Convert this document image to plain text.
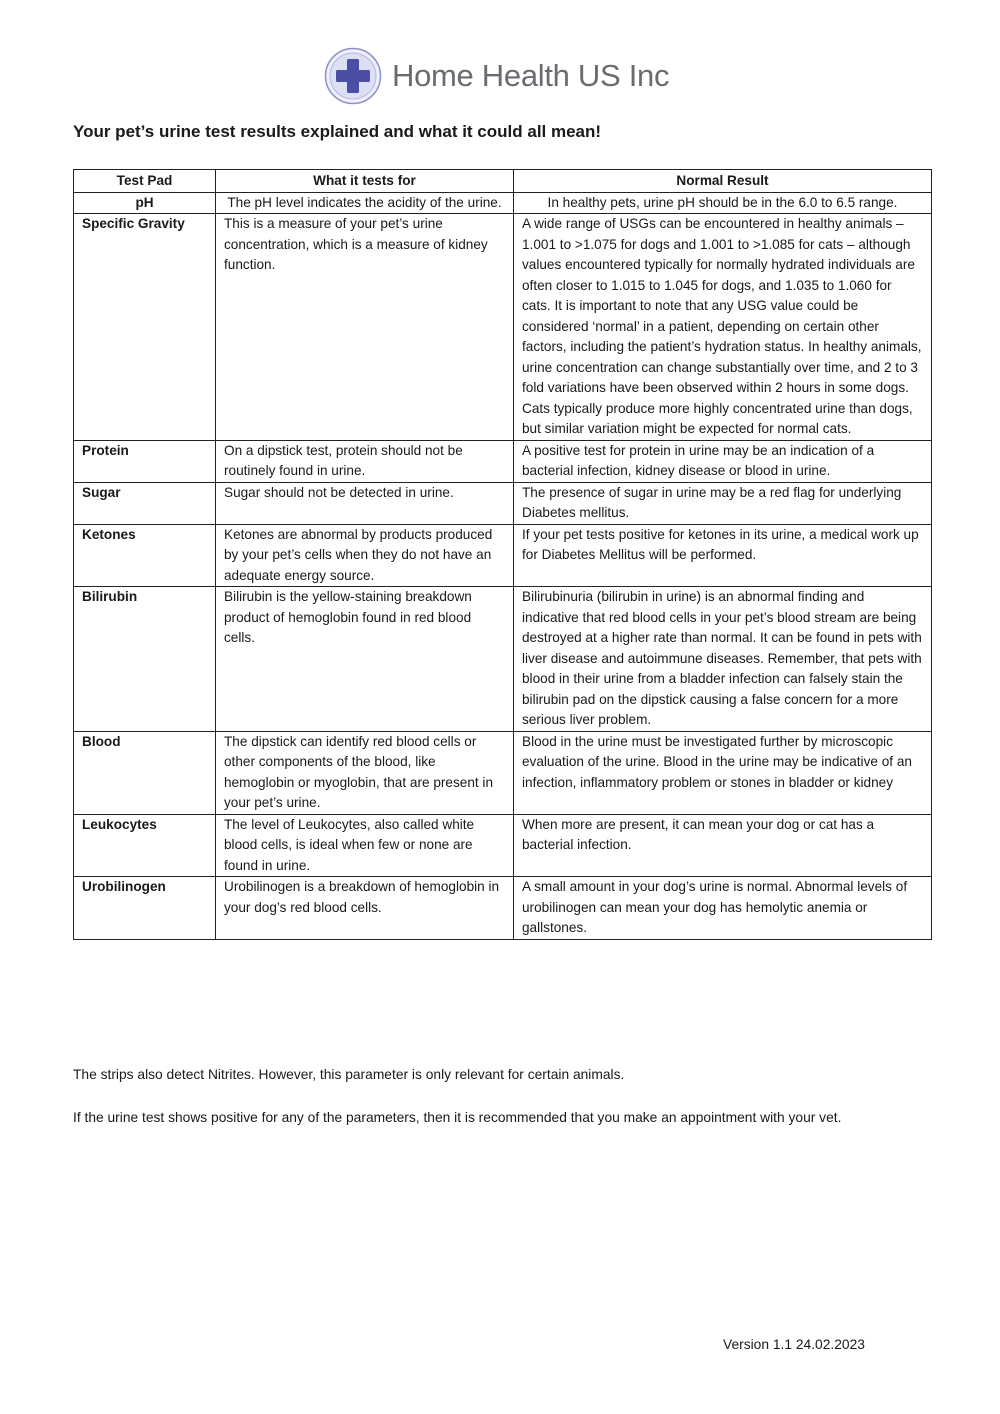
Home Health US Inc
Your pet’s urine test results explained and what it could all mean!
Test Pad	What it tests for	Normal Result
pH	The pH level indicates the acidity of the urine.	In healthy pets, urine pH should be in the 6.0 to 6.5 range.
Specific Gravity	This is a measure of your pet’s urine concentration, which is a measure of kidney function.	A wide range of USGs can be encountered in healthy animals – 1.001 to >1.075 for dogs and 1.001 to >1.085 for cats – although values encountered typically for normally hydrated individuals are often closer to 1.015 to 1.045 for dogs, and 1.035 to 1.060 for cats. It is important to note that any USG value could be considered ‘normal’ in a patient, depending on certain other factors, including the patient’s hydration status. In healthy animals, urine concentration can change substantially over time, and 2 to 3 fold variations have been observed within 2 hours in some dogs. Cats typically produce more highly concentrated urine than dogs, but similar variation might be expected for normal cats.
Protein	On a dipstick test, protein should not be routinely found in urine.	A positive test for protein in urine may be an indication of a bacterial infection, kidney disease or blood in urine.
Sugar	Sugar should not be detected in urine.	The presence of sugar in urine may be a red flag for underlying Diabetes mellitus.
Ketones	Ketones are abnormal by products produced by your pet’s cells when they do not have an adequate energy source.	If your pet tests positive for ketones in its urine, a medical work up for Diabetes Mellitus will be performed.
Bilirubin	Bilirubin is the yellow-staining breakdown product of hemoglobin found in red blood cells.	Bilirubinuria (bilirubin in urine) is an abnormal finding and indicative that red blood cells in your pet’s blood stream are being destroyed at a higher rate than normal. It can be found in pets with liver disease and autoimmune diseases. Remember, that pets with blood in their urine from a bladder infection can falsely stain the bilirubin pad on the dipstick causing a false concern for a more serious liver problem.
Blood	The dipstick can identify red blood cells or other components of the blood, like hemoglobin or myoglobin, that are present in your pet’s urine.	Blood in the urine must be investigated further by microscopic evaluation of the urine. Blood in the urine may be indicative of an infection, inflammatory problem or stones in bladder or kidney
Leukocytes	The level of Leukocytes, also called white blood cells, is ideal when few or none are found in urine.	When more are present, it can mean your dog or cat has a bacterial infection.
Urobilinogen	Urobilinogen is a breakdown of hemoglobin in your dog’s red blood cells.	A small amount in your dog’s urine is normal. Abnormal levels of urobilinogen can mean your dog has hemolytic anemia or gallstones.

The strips also detect Nitrites. However, this parameter is only relevant for certain animals.

If the urine test shows positive for any of the parameters, then it is recommended that you make an appointment with your vet.

Version 1.1 24.02.2023
